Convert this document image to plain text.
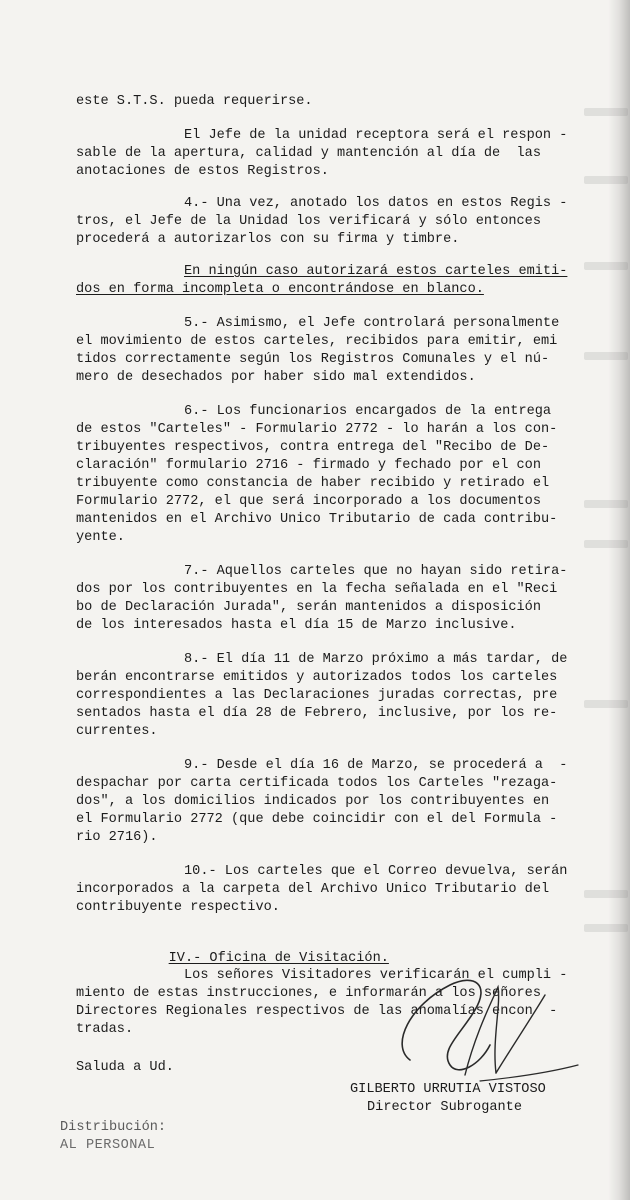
este S.T.S. pueda requerirse.

El Jefe de la unidad receptora será el respon -

sable de la apertura, calidad y mantención al día de  las

anotaciones de estos Registros.

4.- Una vez, anotado los datos en estos Regis -

tros, el Jefe de la Unidad los verificará y sólo entonces

procederá a autorizarlos con su firma y timbre.

En ningún caso autorizará estos carteles emiti-

dos en forma incompleta o encontrándose en blanco.

5.- Asimismo, el Jefe controlará personalmente

el movimiento de estos carteles, recibidos para emitir, emi

tidos correctamente según los Registros Comunales y el nú-

mero de desechados por haber sido mal extendidos.

6.- Los funcionarios encargados de la entrega

de estos "Carteles" - Formulario 2772 - lo harán a los con-

tribuyentes respectivos, contra entrega del "Recibo de De-

claración" formulario 2716 - firmado y fechado por el con

tribuyente como constancia de haber recibido y retirado el

Formulario 2772, el que será incorporado a los documentos

mantenidos en el Archivo Unico Tributario de cada contribu-

yente.

7.- Aquellos carteles que no hayan sido retira-

dos por los contribuyentes en la fecha señalada en el "Reci

bo de Declaración Jurada", serán mantenidos a disposición

de los interesados hasta el día 15 de Marzo inclusive.

8.- El día 11 de Marzo próximo a más tardar, de

berán encontrarse emitidos y autorizados todos los carteles

correspondientes a las Declaraciones juradas correctas, pre

sentados hasta el día 28 de Febrero, inclusive, por los re-

currentes.

9.- Desde el día 16 de Marzo, se procederá a  -

despachar por carta certificada todos los Carteles "rezaga-

dos", a los domicilios indicados por los contribuyentes en

el Formulario 2772 (que debe coincidir con el del Formula -

rio 2716).

10.- Los carteles que el Correo devuelva, serán

incorporados a la carpeta del Archivo Unico Tributario del

contribuyente respectivo.

IV.- Oficina de Visitación.

Los señores Visitadores verificarán el cumpli -

miento de estas instrucciones, e informarán a los señores

Directores Regionales respectivos de las anomalías encon  -

tradas.

Saluda a Ud.

GILBERTO URRUTIA VISTOSO

Director Subrogante

Distribución:

AL PERSONAL
